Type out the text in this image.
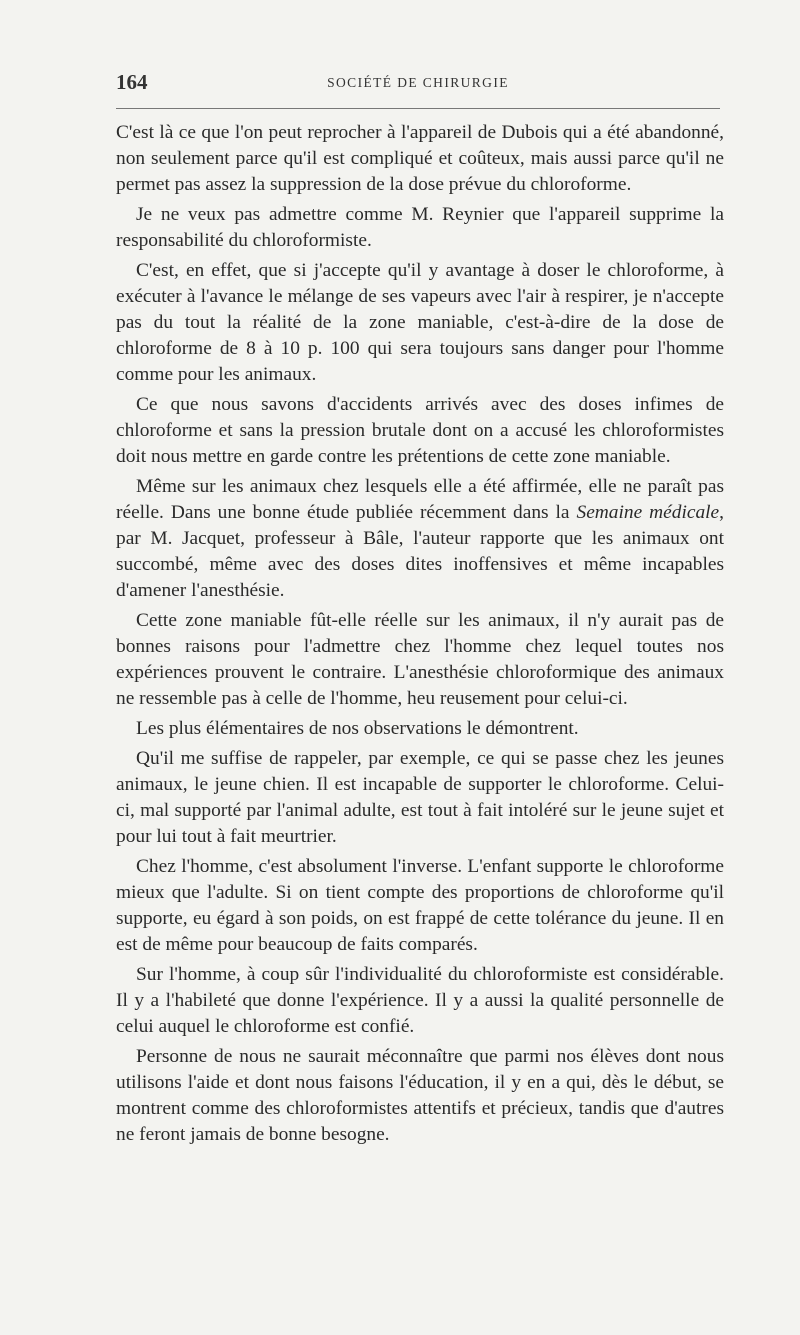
164	SOCIÉTÉ DE CHIRURGIE

C'est là ce que l'on peut reprocher à l'appareil de Dubois qui a été abandonné, non seulement parce qu'il est compliqué et coûteux, mais aussi parce qu'il ne permet pas assez la suppression de la dose prévue du chloroforme.

Je ne veux pas admettre comme M. Reynier que l'appareil supprime la responsabilité du chloroformiste.

C'est, en effet, que si j'accepte qu'il y avantage à doser le chloroforme, à exécuter à l'avance le mélange de ses vapeurs avec l'air à respirer, je n'accepte pas du tout la réalité de la zone maniable, c'est-à-dire de la dose de chloroforme de 8 à 10 p. 100 qui sera toujours sans danger pour l'homme comme pour les animaux.

Ce que nous savons d'accidents arrivés avec des doses infimes de chloroforme et sans la pression brutale dont on a accusé les chloroformistes doit nous mettre en garde contre les prétentions de cette zone maniable.

Même sur les animaux chez lesquels elle a été affirmée, elle ne paraît pas réelle. Dans une bonne étude publiée récemment dans la Semaine médicale, par M. Jacquet, professeur à Bâle, l'auteur rapporte que les animaux ont succombé, même avec des doses dites inoffensives et même incapables d'amener l'anesthésie.

Cette zone maniable fût-elle réelle sur les animaux, il n'y aurait pas de bonnes raisons pour l'admettre chez l'homme chez lequel toutes nos expériences prouvent le contraire. L'anesthésie chloroformique des animaux ne ressemble pas à celle de l'homme, heu reusement pour celui-ci.

Les plus élémentaires de nos observations le démontrent.

Qu'il me suffise de rappeler, par exemple, ce qui se passe chez les jeunes animaux, le jeune chien. Il est incapable de supporter le chloroforme. Celui-ci, mal supporté par l'animal adulte, est tout à fait intoléré sur le jeune sujet et pour lui tout à fait meurtrier.

Chez l'homme, c'est absolument l'inverse. L'enfant supporte le chloroforme mieux que l'adulte. Si on tient compte des proportions de chloroforme qu'il supporte, eu égard à son poids, on est frappé de cette tolérance du jeune. Il en est de même pour beaucoup de faits comparés.

Sur l'homme, à coup sûr l'individualité du chloroformiste est considérable. Il y a l'habileté que donne l'expérience. Il y a aussi la qualité personnelle de celui auquel le chloroforme est confié.

Personne de nous ne saurait méconnaître que parmi nos élèves dont nous utilisons l'aide et dont nous faisons l'éducation, il y en a qui, dès le début, se montrent comme des chloroformistes attentifs et précieux, tandis que d'autres ne feront jamais de bonne besogne.
